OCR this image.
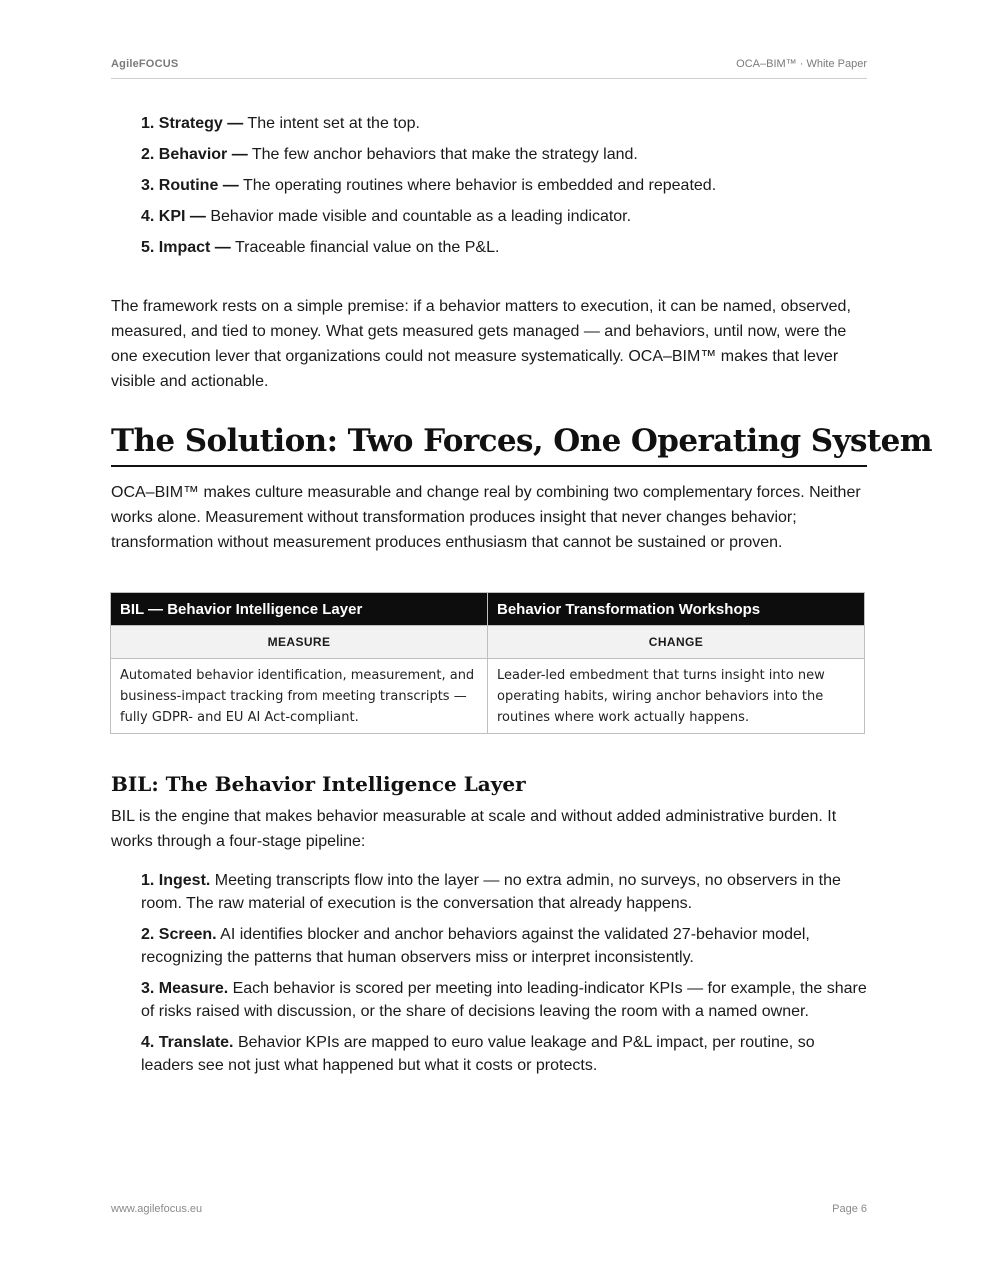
AgileFOCUS	OCA–BIM™ · White Paper
1. Strategy — The intent set at the top.
2. Behavior — The few anchor behaviors that make the strategy land.
3. Routine — The operating routines where behavior is embedded and repeated.
4. KPI — Behavior made visible and countable as a leading indicator.
5. Impact — Traceable financial value on the P&L.

The framework rests on a simple premise: if a behavior matters to execution, it can be named, observed, measured, and tied to money. What gets measured gets managed — and behaviors, until now, were the one execution lever that organizations could not measure systematically. OCA–BIM™ makes that lever visible and actionable.

The Solution: Two Forces, One Operating System

OCA–BIM™ makes culture measurable and change real by combining two complementary forces. Neither works alone. Measurement without transformation produces insight that never changes behavior; transformation without measurement produces enthusiasm that cannot be sustained or proven.

BIL — Behavior Intelligence Layer	Behavior Transformation Workshops
MEASURE	CHANGE
Automated behavior identification, measurement, and business-impact tracking from meeting transcripts — fully GDPR- and EU AI Act-compliant.	Leader-led embedment that turns insight into new operating habits, wiring anchor behaviors into the routines where work actually happens.
BIL: The Behavior Intelligence Layer

BIL is the engine that makes behavior measurable at scale and without added administrative burden. It works through a four-stage pipeline:

1. Ingest. Meeting transcripts flow into the layer — no extra admin, no surveys, no observers in the room. The raw material of execution is the conversation that already happens.
2. Screen. AI identifies blocker and anchor behaviors against the validated 27-behavior model, recognizing the patterns that human observers miss or interpret inconsistently.
3. Measure. Each behavior is scored per meeting into leading-indicator KPIs — for example, the share of risks raised with discussion, or the share of decisions leaving the room with a named owner.
4. Translate. Behavior KPIs are mapped to euro value leakage and P&L impact, per routine, so leaders see not just what happened but what it costs or protects.
www.agilefocus.eu	Page 6
